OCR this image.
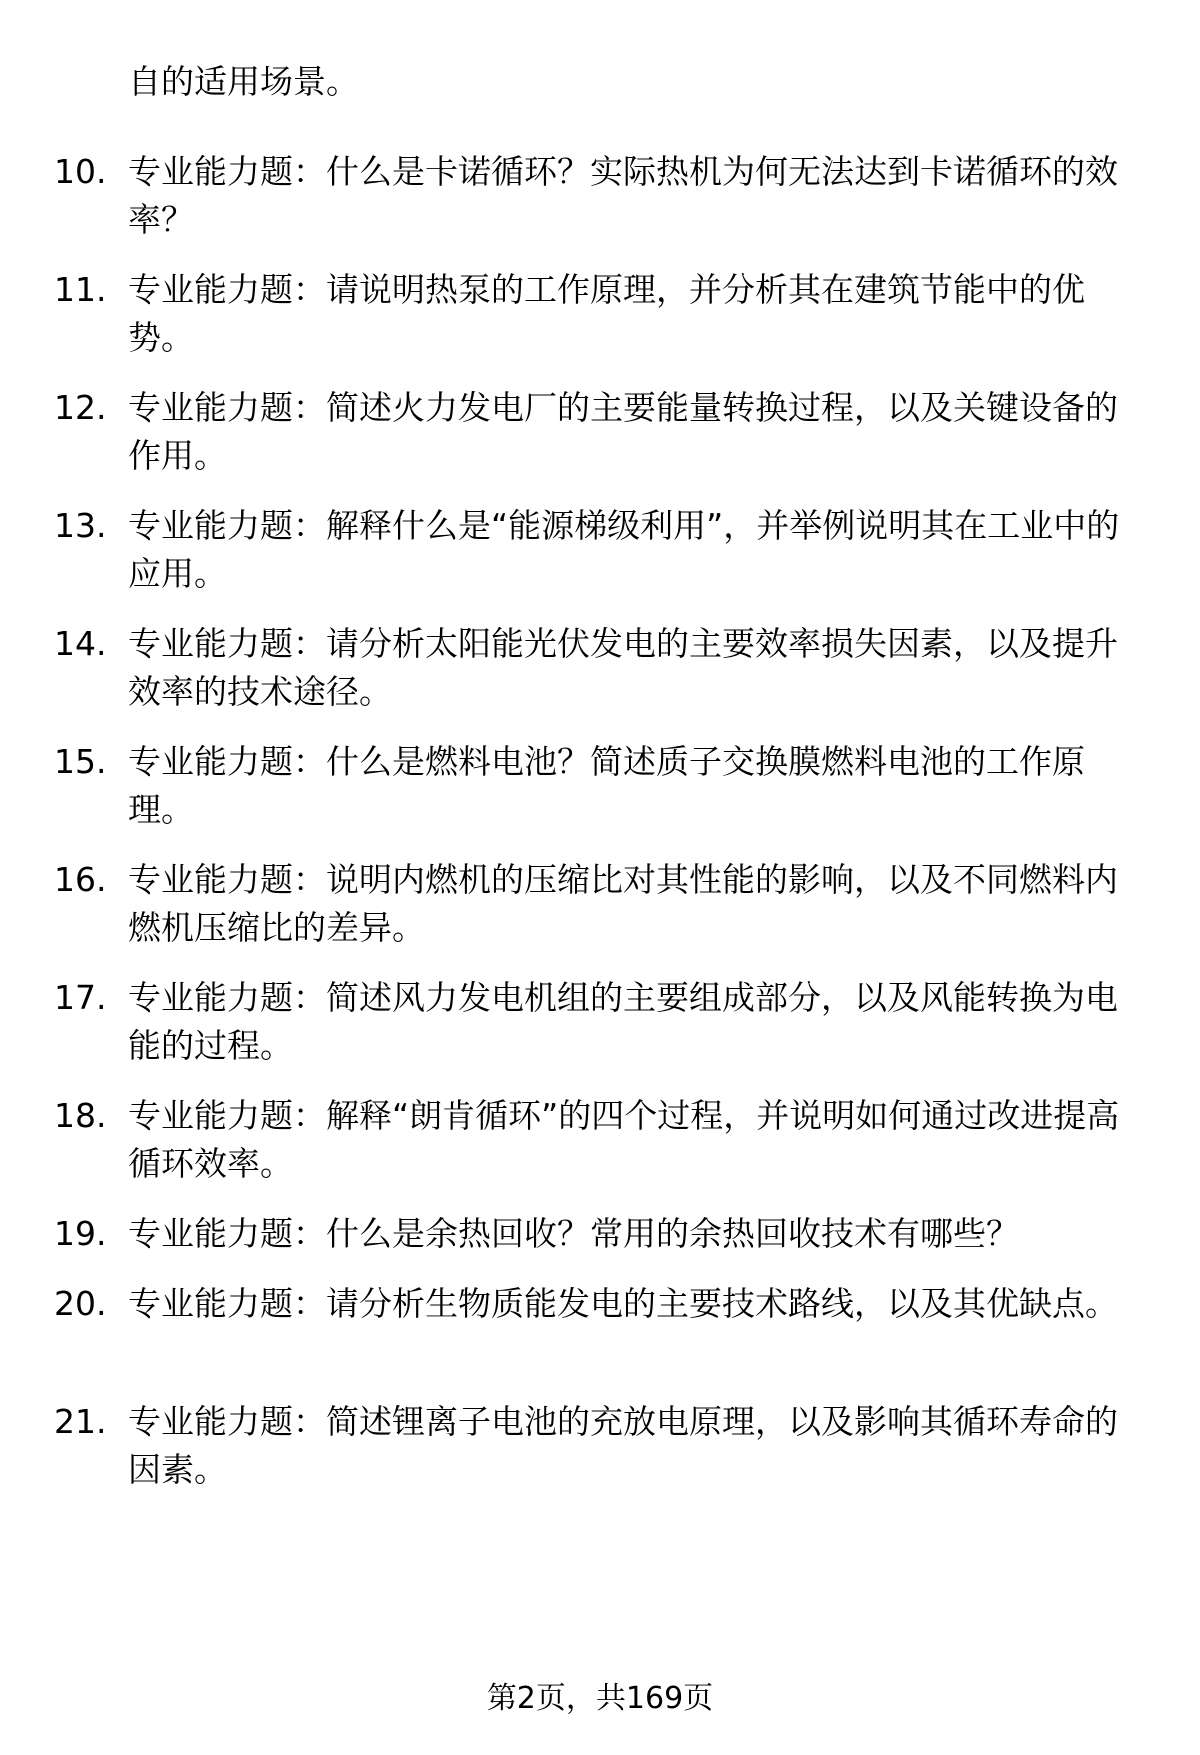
自的适用场景。
10. 专业能力题：什么是卡诺循环？实际热机为何无法达到卡诺循环的效率？
11. 专业能力题：请说明热泵的工作原理，并分析其在建筑节能中的优势。
12. 专业能力题：简述火力发电厂的主要能量转换过程，以及关键设备的作用。
13. 专业能力题：解释什么是“能源梯级利用”，并举例说明其在工业中的应用。
14. 专业能力题：请分析太阳能光伏发电的主要效率损失因素，以及提升效率的技术途径。
15. 专业能力题：什么是燃料电池？简述质子交换膜燃料电池的工作原理。
16. 专业能力题：说明内燃机的压缩比对其性能的影响，以及不同燃料内燃机压缩比的差异。
17. 专业能力题：简述风力发电机组的主要组成部分，以及风能转换为电能的过程。
18. 专业能力题：解释“朗肯循环”的四个过程，并说明如何通过改进提高循环效率。
19. 专业能力题：什么是余热回收？常用的余热回收技术有哪些？
20. 专业能力题：请分析生物质能发电的主要技术路线，以及其优缺点。
21. 专业能力题：简述锂离子电池的充放电原理，以及影响其循环寿命的因素。
第2页，共169页
